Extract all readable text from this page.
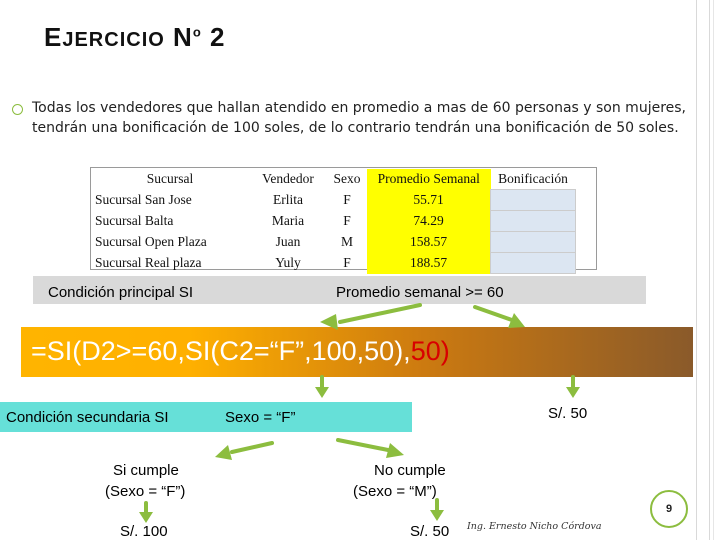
EJERCICIO $N^o$ 2
Todas los vendedores que hallan atendido en promedio a mas de 60 personas y son mujeres, tendrán una bonificación de 100 soles, de lo contrario tendrán una bonificación de 50 soles.
Sucursal	Vendedor	Sexo	Promedio Semanal	Bonificación
Sucursal San Jose	Erlita	F	55.71	
Sucursal Balta	Maria	F	74.29	
Sucursal Open Plaza	Juan	M	158.57	
Sucursal Real plaza	Yuly	F	188.57	
Condición principal SI	Promedio semanal >= 60
=SI(D2>=60,SI(C2=“F”,100,50),50)
Condición secundaria SI	Sexo = “F”	S/. 50
Si cumple
(Sexo = “F”)
No cumple
(Sexo = “M”)
S/. 100	S/. 50 Ing. Ernesto Nicho Córdova
9
